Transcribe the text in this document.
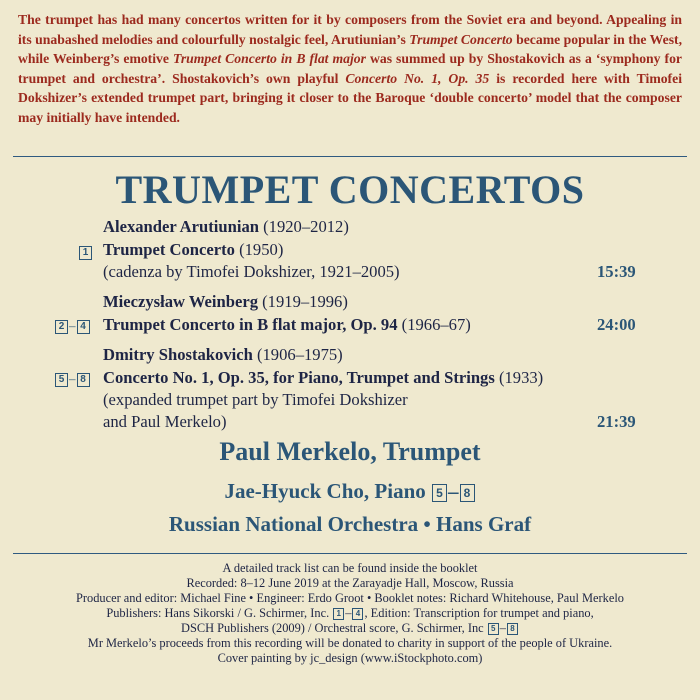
The trumpet has had many concertos written for it by composers from the Soviet era and beyond. Appealing in its unabashed melodies and colourfully nostalgic feel, Arutiunian’s Trumpet Concerto became popular in the West, while Weinberg’s emotive Trumpet Concerto in B flat major was summed up by Shostakovich as a ‘symphony for trumpet and orchestra’. Shostakovich’s own playful Concerto No. 1, Op. 35 is recorded here with Timofei Dokshizer’s extended trumpet part, bringing it closer to the Baroque ‘double concerto’ model that the composer may initially have intended.

TRUMPET CONCERTOS
Alexander Arutiunian (1920–2012)
1 Trumpet Concerto (1950)
(cadenza by Timofei Dokshizer, 1921–2005)	15:39
Mieczysław Weinberg (1919–1996)
2 – 4 Trumpet Concerto in B flat major, Op. 94 (1966–67)	24:00
Dmitry Shostakovich (1906–1975)
5 – 8 Concerto No. 1, Op. 35, for Piano, Trumpet and Strings (1933)
(expanded trumpet part by Timofei Dokshizer
and Paul Merkelo)	21:39
Paul Merkelo, Trumpet
Jae-Hyuck Cho, Piano 5 – 8
Russian National Orchestra • Hans Graf
A detailed track list can be found inside the booklet
Recorded: 8–12 June 2019 at the Zarayadje Hall, Moscow, Russia
Producer and editor: Michael Fine • Engineer: Erdo Groot • Booklet notes: Richard Whitehouse, Paul Merkelo
Publishers: Hans Sikorski / G. Schirmer, Inc. 1 – 4 , Edition: Transcription for trumpet and piano,
DSCH Publishers (2009) / Orchestral score, G. Schirmer, Inc 5 – 8
Mr Merkelo’s proceeds from this recording will be donated to charity in support of the people of Ukraine.
Cover painting by jc_design (www.iStockphoto.com)
